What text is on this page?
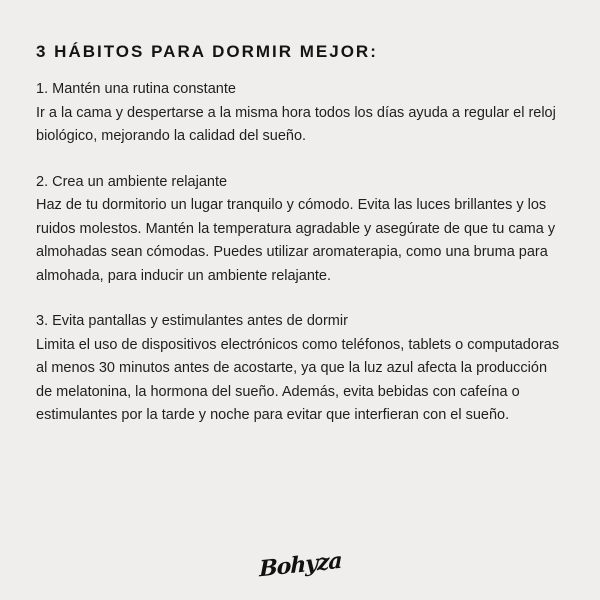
3 HÁBITOS PARA DORMIR MEJOR:

1. Mantén una rutina constante

Ir a la cama y despertarse a la misma hora todos los días ayuda a regular el reloj biológico, mejorando la calidad del sueño.

2. Crea un ambiente relajante

Haz de tu dormitorio un lugar tranquilo y cómodo. Evita las luces brillantes y los ruidos molestos. Mantén la temperatura agradable y asegúrate de que tu cama y almohadas sean cómodas. Puedes utilizar aromaterapia, como una bruma para almohada, para inducir un ambiente relajante.

3. Evita pantallas y estimulantes antes de dormir

Limita el uso de dispositivos electrónicos como teléfonos, tablets o computadoras al menos 30 minutos antes de acostarte, ya que la luz azul afecta la producción de melatonina, la hormona del sueño. Además, evita bebidas con cafeína o estimulantes por la tarde y noche para evitar que interfieran con el sueño.

Bohyza
